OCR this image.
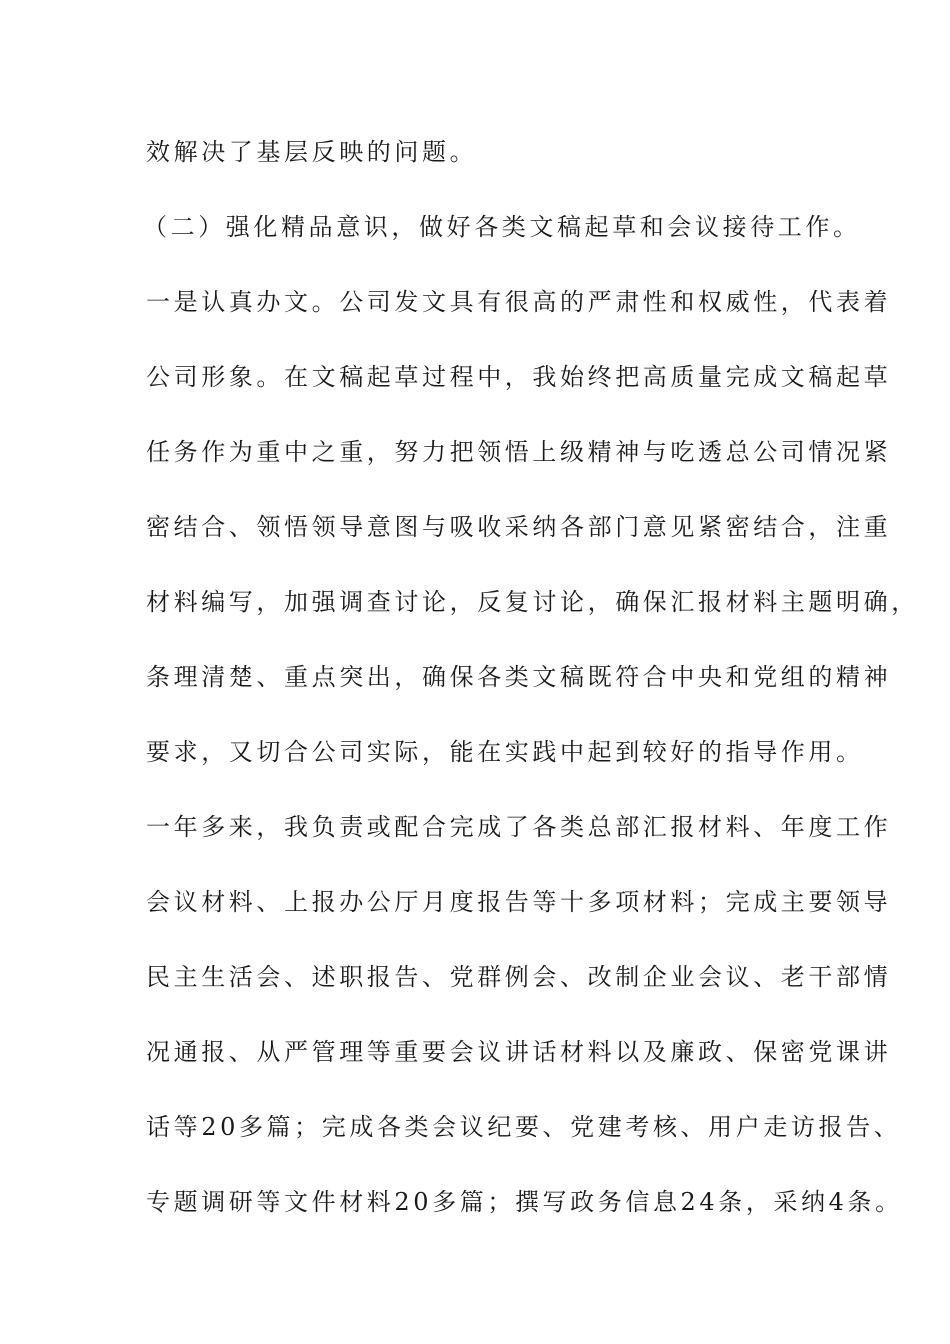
效解决了基层反映的问题。
（二）强化精品意识，做好各类文稿起草和会议接待工作。
一是认真办文。公司发文具有很高的严肃性和权威性，代表着
公司形象。在文稿起草过程中，我始终把高质量完成文稿起草
任务作为重中之重，努力把领悟上级精神与吃透总公司情况紧
密结合、领悟领导意图与吸收采纳各部门意见紧密结合，注重
材料编写，加强调查讨论，反复讨论，确保汇报材料主题明确，
条理清楚、重点突出，确保各类文稿既符合中央和党组的精神
要求，又切合公司实际，能在实践中起到较好的指导作用。
一年多来，我负责或配合完成了各类总部汇报材料、年度工作
会议材料、上报办公厅月度报告等十多项材料；完成主要领导
民主生活会、述职报告、党群例会、改制企业会议、老干部情
况通报、从严管理等重要会议讲话材料以及廉政、保密党课讲
话等20多篇；完成各类会议纪要、党建考核、用户走访报告、
专题调研等文件材料20多篇；撰写政务信息24条，采纳4条。
